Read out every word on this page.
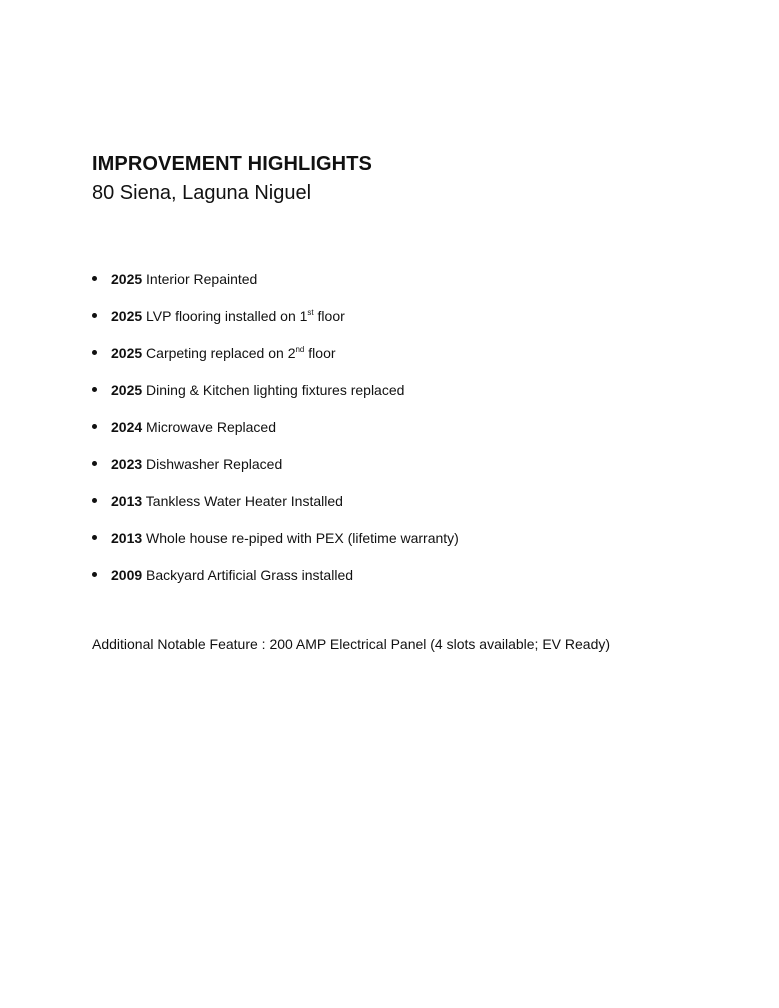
IMPROVEMENT HIGHLIGHTS
80 Siena, Laguna Niguel
2025 Interior Repainted
2025 LVP flooring installed on 1st floor
2025 Carpeting replaced on 2nd floor
2025 Dining & Kitchen lighting fixtures replaced
2024 Microwave Replaced
2023 Dishwasher Replaced
2013 Tankless Water Heater Installed
2013 Whole house re-piped with PEX (lifetime warranty)
2009 Backyard Artificial Grass installed

Additional Notable Feature : 200 AMP Electrical Panel (4 slots available; EV Ready)
